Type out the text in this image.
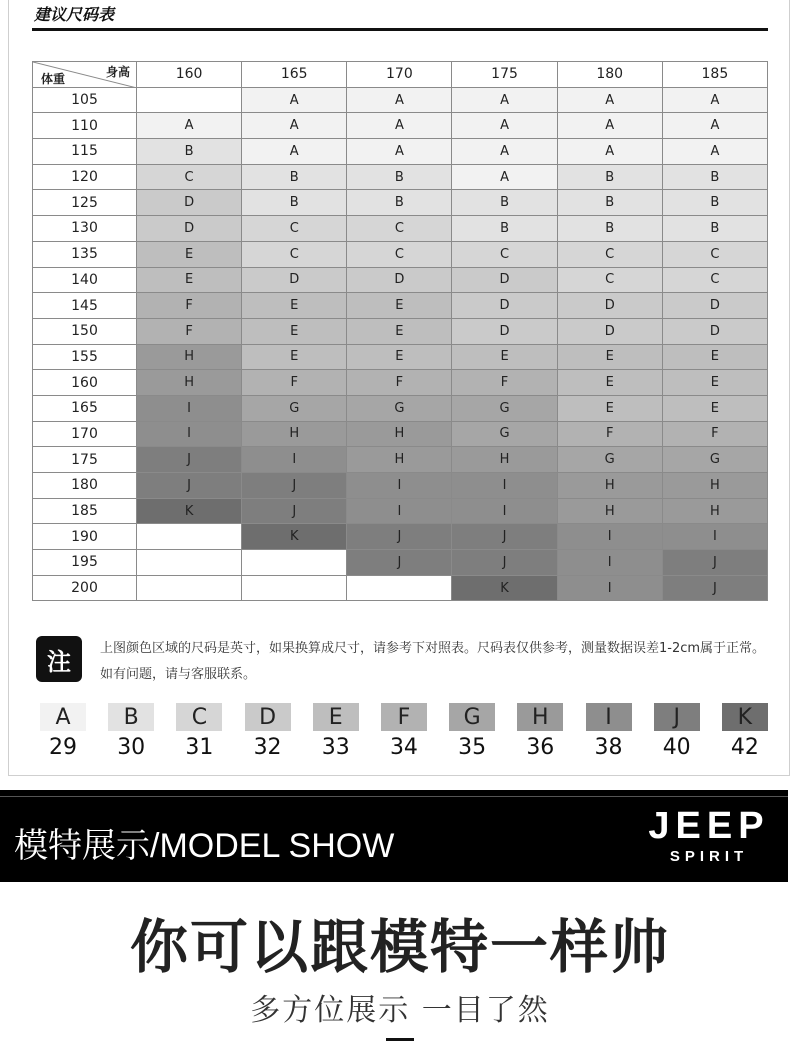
建议尺码表
身高
体重	160	165	170	175	180	185
105		A	A	A	A	A
110	A	A	A	A	A	A
115	B	A	A	A	A	A
120	C	B	B	A	B	B
125	D	B	B	B	B	B
130	D	C	C	B	B	B
135	E	C	C	C	C	C
140	E	D	D	D	C	C
145	F	E	E	D	D	D
150	F	E	E	D	D	D
155	H	E	E	E	E	E
160	H	F	F	F	E	E
165	I	G	G	G	E	E
170	I	H	H	G	F	F
175	J	I	H	H	G	G
180	J	J	I	I	H	H
185	K	J	I	I	H	H
190		K	J	J	I	I
195			J	J	I	J
200				K	I	J
注	上图颜色区域的尺码是英寸，如果换算成尺寸，请参考下对照表。尺码表仅供参考，测量数据误差1-2cm属于正常。如有问题，请与客服联系。
A
29
B
30
C
31
D
32
E
33
F
34
G
35
H
36
I
38
J
40
K
42
模特展示/MODEL SHOW	JEEP
SPIRIT
你可以跟模特一样帅
多方位展示 一目了然
